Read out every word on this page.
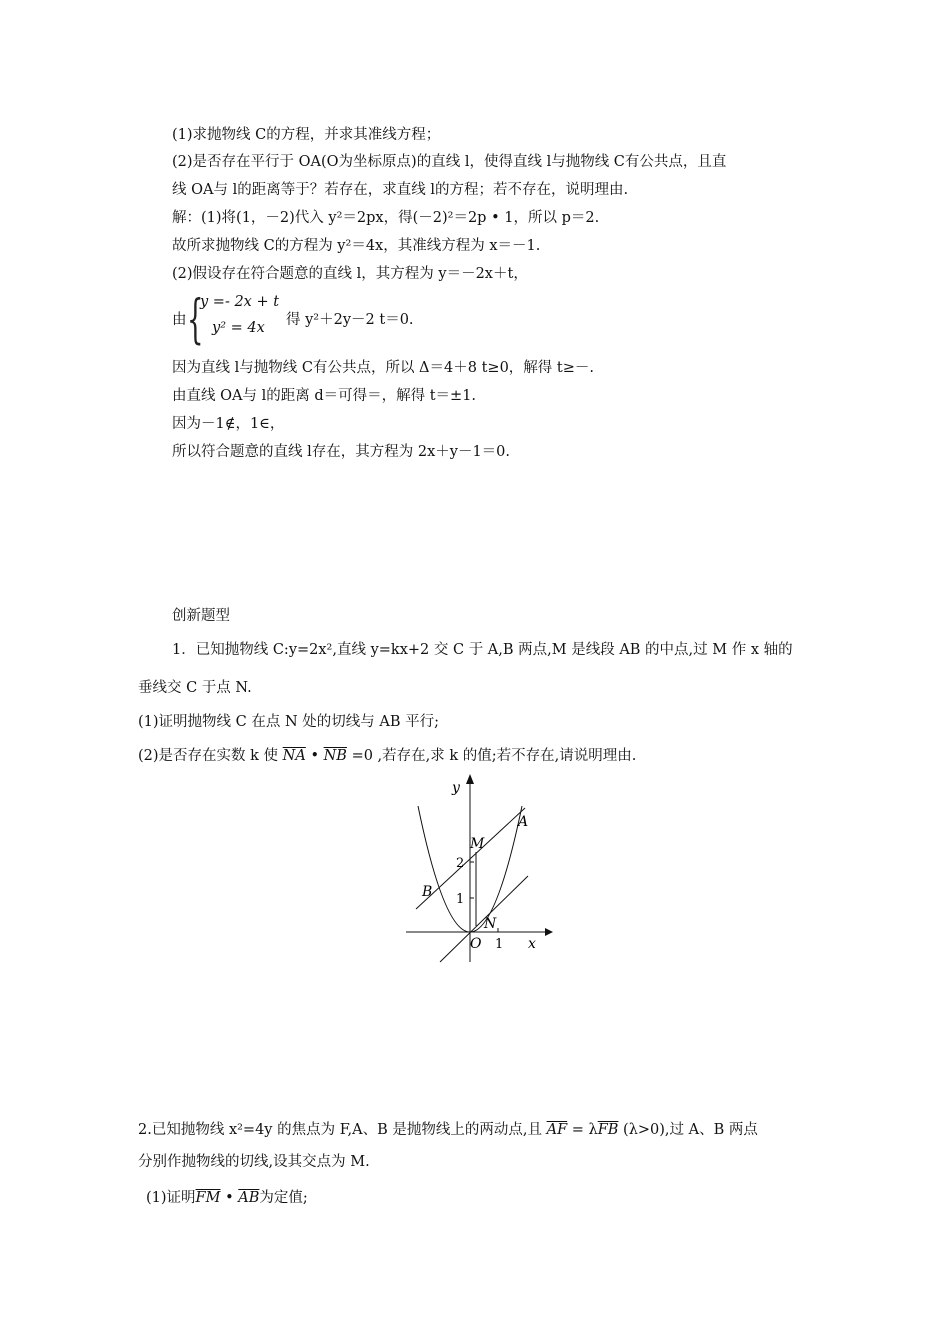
(1)求抛物线 C的方程，并求其准线方程；
(2)是否存在平行于 OA(O为坐标原点)的直线 l，使得直线 l与抛物线 C有公共点，且直
线 OA与 l的距离等于？若存在，求直线 l的方程；若不存在，说明理由.
解：(1)将(1，－2)代入 y²＝2px，得(－2)²＝2p • 1，所以 p＝2.
故所求抛物线 C的方程为 y²＝4x，其准线方程为 x＝－1.
(2)假设存在符合题意的直线 l，其方程为 y＝－2x＋t，
由 {
y =- 2x + t
y² = 4x 得 y²＋2y－2 t＝0.
因为直线 l与抛物线 C有公共点，所以 Δ＝4＋8 t≥0，解得 t≥－.
由直线 OA与 l的距离 d＝可得＝，解得 t＝±1.
因为－1∉，1∈，
所以符合题意的直线 l存在，其方程为 2x＋y－1＝0.
创新题型
1．已知抛物线 C:y=2x²,直线 y=kx+2 交 C 于 A,B 两点,M 是线段 AB 的中点,过 M 作 x 轴的
垂线交 C 于点 N.
(1)证明抛物线 C 在点 N 处的切线与 AB 平行;
(2)是否存在实数 k 使 $\overline{NA}$ • $\overline{NB} =0$ ,若存在,求 k 的值;若不存在,请说明理由.
y
x
A
B
M
N
O
2
1
1
2.已知抛物线 x²=4y 的焦点为 F,A、B 是抛物线上的两动点,且 $\overline{AF} = \lambda\overline{FB}$ (λ>0),过 A、B 两点
分别作抛物线的切线,设其交点为 M.
(1)证明$\overline{FM}$ • $\overline{AB}$为定值;
